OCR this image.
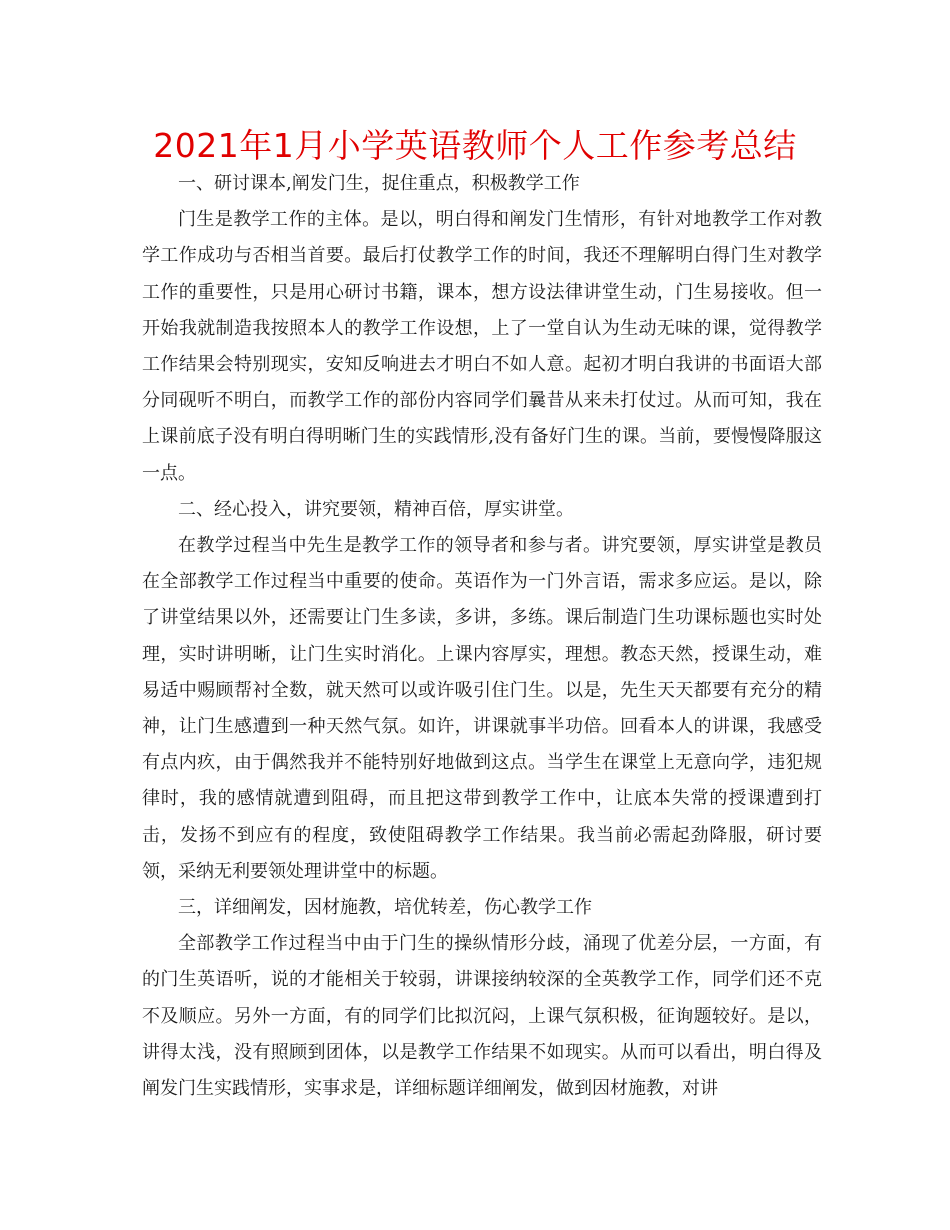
2021年1月小学英语教师个人工作参考总结

一、研讨课本,阐发门生，捉住重点，积极教学工作

门生是教学工作的主体。是以，明白得和阐发门生情形，有针对地教学工作对教学工作成功与否相当首要。最后打仗教学工作的时间，我还不理解明白得门生对教学工作的重要性，只是用心研讨书籍，课本，想方设法律讲堂生动，门生易接收。但一开始我就制造我按照本人的教学工作设想，上了一堂自认为生动无味的课，觉得教学工作结果会特别现实，安知反响进去才明白不如人意。起初才明白我讲的书面语大部分同砚听不明白，而教学工作的部份内容同学们曩昔从来未打仗过。从而可知，我在上课前底子没有明白得明晰门生的实践情形,没有备好门生的课。当前，要慢慢降服这一点。

二、经心投入，讲究要领，精神百倍，厚实讲堂。

在教学过程当中先生是教学工作的领导者和参与者。讲究要领，厚实讲堂是教员在全部教学工作过程当中重要的使命。英语作为一门外言语，需求多应运。是以，除了讲堂结果以外，还需要让门生多读，多讲，多练。课后制造门生功课标题也实时处理，实时讲明晰，让门生实时消化。上课内容厚实，理想。教态天然，授课生动，难易适中赐顾帮衬全数，就天然可以或许吸引住门生。以是，先生天天都要有充分的精神，让门生感遭到一种天然气氛。如许，讲课就事半功倍。回看本人的讲课，我感受有点内疚，由于偶然我并不能特别好地做到这点。当学生在课堂上无意向学，违犯规律时，我的感情就遭到阻碍，而且把这带到教学工作中，让底本失常的授课遭到打击，发扬不到应有的程度，致使阻碍教学工作结果。我当前必需起劲降服，研讨要领，采纳无利要领处理讲堂中的标题。

三，详细阐发，因材施教，培优转差，伤心教学工作

全部教学工作过程当中由于门生的操纵情形分歧，涌现了优差分层，一方面，有的门生英语听，说的才能相关于较弱，讲课接纳较深的全英教学工作，同学们还不克不及顺应。另外一方面，有的同学们比拟沉闷，上课气氛积极，征询题较好。是以，讲得太浅，没有照顾到团体，以是教学工作结果不如现实。从而可以看出，明白得及阐发门生实践情形，实事求是，详细标题详细阐发，做到因材施教，对讲
